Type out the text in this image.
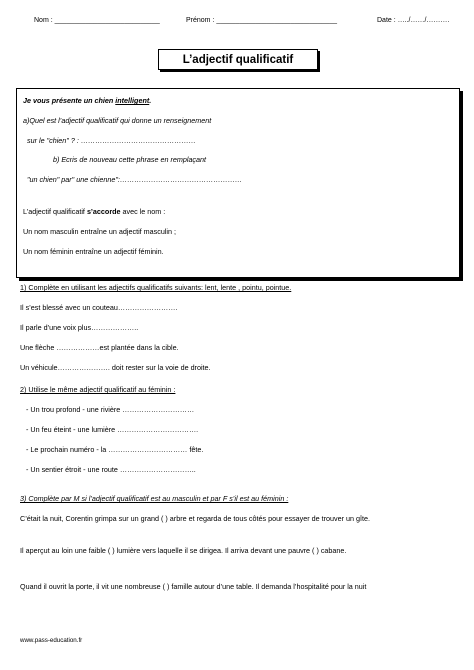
Nom : ___________________________	Prénom : _______________________________	Date : …../……/……….
L’adjectif qualificatif
Je vous présente un chien intelligent.
a)Quel est l’adjectif qualificatif qui donne un renseignement
sur le "chien" ? : …………………………………………
b) Ecris de nouveau cette phrase en remplaçant
"un chien" par" une chienne":……………………………………………
L’adjectif qualificatif s’accorde avec le nom :
Un nom masculin entraîne un adjectif masculin ;
Un nom féminin entraîne un adjectif féminin.
1) Complète en utilisant les adjectifs qualificatifs suivants: lent, lente , pointu, pointue.
Il s’est blessé avec un couteau…………………….
Il parle d’une voix plus………………..
Une flèche ………………est plantée dans la cible.
Un véhicule…………………. doit rester sur la voie de droite.
2) Utilise le même adjectif qualificatif au féminin :
- Un trou profond - une rivière …………………………
- Un feu éteint - une lumière …………………………….
- Le prochain numéro - la …………………………… fête.
- Un sentier étroit - une route …………………………..
3) Complète par M si l’adjectif qualificatif est au masculin et par F s’il est au féminin :
C’était la nuit, Corentin grimpa sur un grand ( ) arbre et regarda de tous côtés pour essayer de trouver un gîte.
Il aperçut au loin une faible ( ) lumière vers laquelle il se dirigea. Il arriva devant une pauvre ( ) cabane.
Quand il ouvrit la porte, il vit une nombreuse ( ) famille autour d’une table. Il demanda l’hospitalité pour la nuit
www.pass-education.fr
